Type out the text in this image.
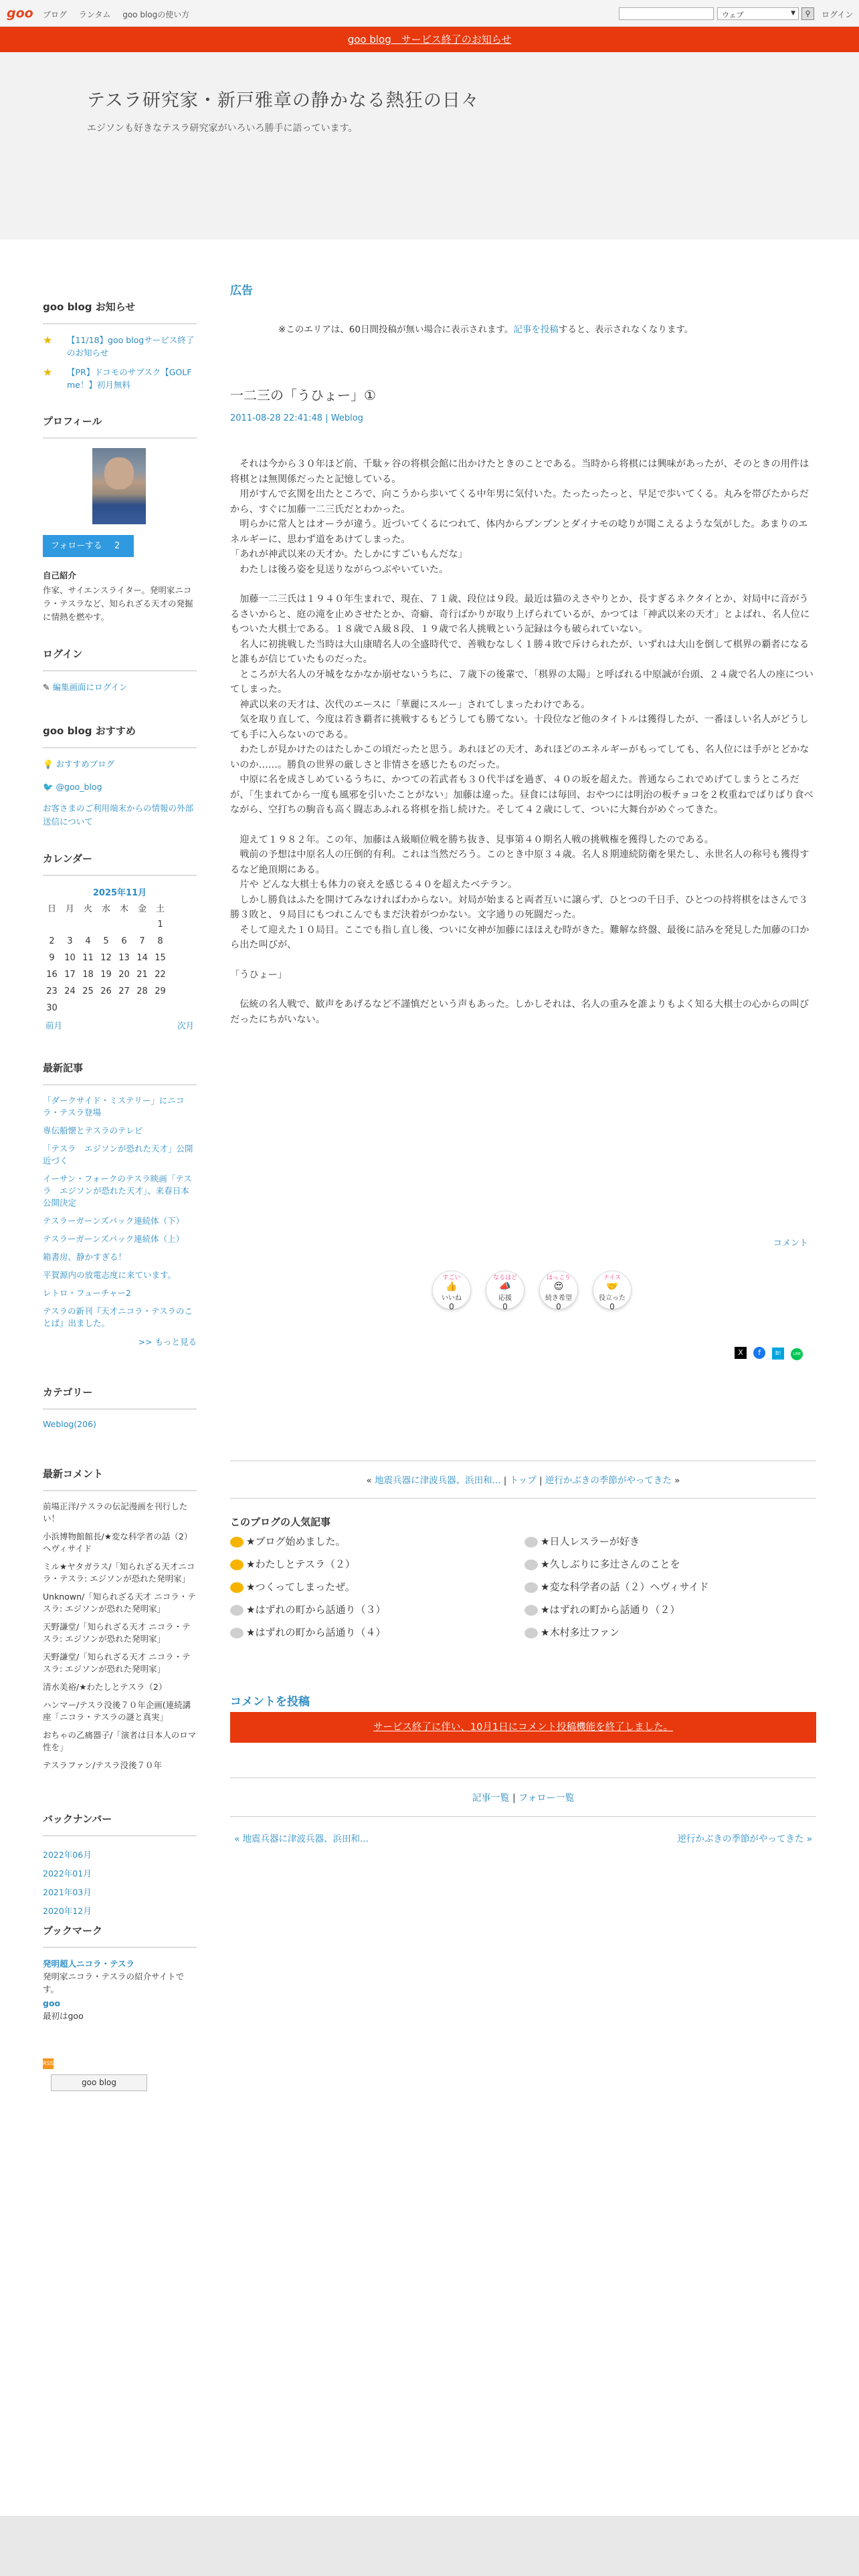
goo ブログ ランタム goo blogの使い方	ウェブ	▼	⚲	ログイン
goo blog　サービス終了のお知らせ
テスラ研究家・新戸雅章の静かなる熱狂の日々
エジソンも好きなテスラ研究家がいろいろ勝手に語っています。
goo blog お知らせ
★ 【11/18】goo blogサービス終了のお知らせ
★ 【PR】ドコモのサブスク【GOLF me！】初月無料
プロフィール
フォローする 2
自己紹介
作家、サイエンスライター。発明家ニコラ・テスラなど、知られざる天才の発掘に情熱を燃やす。
ログイン
✎ 編集画面にログイン
goo blog おすすめ
💡 おすすめブログ
🐦 @goo_blog
お客さまのご利用端末からの情報の外部送信について
カレンダー
2025年11月
日	月	火	水	木	金	土
						1
2	3	4	5	6	7	8
9	10	11	12	13	14	15
16	17	18	19	20	21	22
23	24	25	26	27	28	29
30						
前月	次月
最新記事
「ダークサイド・ミステリー」にニコラ・テスラ登場
専伝船懐とテスラのテレビ
「テスラ　エジソンが恐れた天才」公開近づく
イーサン・フォークのテスラ映画「テスラ　エジソンが恐れた天才」、来春日本公開決定
テスラーガーンズバック連続体（下）
テスラーガーンズバック連続体（上）
箱書房、静かすぎる！
平賀源内の放電志度に来ています。
レトロ・フューチャー2
テスラの新刊『天才ニコラ・テスラのことば』出ました。
>> もっと見る
カテゴリー
Weblog(206)
最新コメント
前場正洋/テスラの伝記漫画を刊行したい！
小浜博物館館長/★変な科学者の話（2）ヘヴィサイド
ミル★ヤタガラス/「知られざる天才ニコラ・テスラ: エジソンが恐れた発明家」
Unknown/「知られざる天才 ニコラ・テスラ: エジソンが恐れた発明家」
天野謙堂/「知られざる天才 ニコラ・テスラ: エジソンが恐れた発明家」
天野謙堂/「知られざる天才 ニコラ・テスラ: エジソンが恐れた発明家」
清水美裕/★わたしとテスラ（2）
ハンマー/テスラ没後７０年企画(連続講座「ニコラ・テスラの謎と真実」
おちゃの乙痛器子/「演者は日本人のロマ性を」
テスラファン/テスラ没後７０年
バックナンバー
2022年06月
2022年01月
2021年03月
2020年12月
ブックマーク
発明超人ニコラ・テスラ
発明家ニコラ・テスラの紹介サイトです。
goo
最初はgoo
RSS
goo blog
広告
※このエリアは、60日間投稿が無い場合に表示されます。記事を投稿すると、表示されなくなります。
一二三の「うひょー」①
2011-08-28 22:41:48 | Weblog
　それは今から３０年ほど前、千駄ヶ谷の将棋会館に出かけたときのことである。当時から将棋には興味があったが、そのときの用件は将棋とは無関係だったと記憶している。
　用がすんで玄関を出たところで、向こうから歩いてくる中年男に気付いた。たったったっと、早足で歩いてくる。丸みを帯びたからだから、すぐに加藤一二三氏だとわかった。
　明らかに常人とはオーラが違う。近づいてくるにつれて、体内からブンブンとダイナモの唸りが聞こえるような気がした。あまりのエネルギーに、思わず道をあけてしまった。
「あれが神武以来の天才か。たしかにすごいもんだな」
　わたしは後ろ姿を見送りながらつぶやいていた。
　加藤一二三氏は１９４０年生まれで、現在、７１歳、段位は９段。最近は猫のえさやりとか、長すぎるネクタイとか、対局中に音がうるさいからと、庭の滝を止めさせたとか、奇癖、奇行ばかりが取り上げられているが、かつては「神武以来の天才」とよばれ、名人位にもついた大棋士である。１８歳でＡ級８段、１９歳で名人挑戦という記録は今も破られていない。
　名人に初挑戦した当時は大山康晴名人の全盛時代で、善戦むなしく１勝４敗で斥けられたが、いずれは大山を倒して棋界の覇者になると誰もが信じていたものだった。
　ところが大名人の牙城をなかなか崩せないうちに、７歳下の後輩で、「棋界の太陽」と呼ばれる中原誠が台頭、２４歳で名人の座についてしまった。
　神武以来の天才は、次代のエースに「華麗にスルー」されてしまったわけである。
　気を取り直して、今度は若き覇者に挑戦するもどうしても勝てない。十段位など他のタイトルは獲得したが、一番ほしい名人がどうしても手に入らないのである。
　わたしが見かけたのはたしかこの頃だったと思う。あれほどの天才、あれほどのエネルギーがもってしても、名人位には手がとどかないのか……。勝負の世界の厳しさと非情さを感じたものだった。
　中原に名を成さしめているうちに、かつての若武者も３０代半ばを過ぎ、４０の坂を超えた。普通ならこれでめげてしまうところだが、「生まれてから一度も風邪を引いたことがない」加藤は違った。昼食には毎回、おやつには明治の板チョコを２枚重ねでばりばり食べながら、空打ちの駒音も高く闘志あふれる将棋を指し続けた。そして４２歳にして、ついに大舞台がめぐってきた。
　迎えて１９８２年。この年、加藤はＡ級順位戦を勝ち抜き、見事第４０期名人戦の挑戦権を獲得したのである。
　戦前の予想は中原名人の圧倒的有利。これは当然だろう。このとき中原３４歳。名人８期連続防衛を果たし、永世名人の称号も獲得するなど絶頂期にある。
　片や どんな大棋士も体力の衰えを感じる４０を超えたベテラン。
　しかし勝負はふたを開けてみなければわからない。対局が始まると両者互いに譲らず、ひとつの千日手、ひとつの持将棋をはさんで３勝３敗と、９局目にもつれこんでもまだ決着がつかない。文字通りの死闘だった。
　そして迎えた１０局目。ここでも指し直し後、ついに女神が加藤にほほえむ時がきた。難解な終盤、最後に詰みを発見した加藤の口から出た叫びが、
「うひょー」
　伝統の名人戦で、歓声をあげるなど不謹慎だという声もあった。しかしそれは、名人の重みを誰よりもよく知る大棋士の心からの叫びだったにちがいない。
コメント
すごい
👍
いいね
0
なるほど
📣
応援
0
ほっこり
😍
続き希望
0
ナイス
🤝
役立った
0
X f	B!	LINE
« 地震兵器に津波兵器、浜田和... | トップ | 逆行かぶきの季節がやってきた »
このブログの人気記事
★ブログ始めました。
★わたしとテスラ（２）
★つくってしまったぜ。
★はずれの町から話通り（３）
★はずれの町から話通り（４）
★日人レスラーが好き
★久しぶりに多辻さんのことを
★変な科学者の話（２）ヘヴィサイド
★はずれの町から話通り（２）
★木村多辻ファン
コメントを投稿
サービス終了に伴い、10月1日にコメント投稿機能を終了しました。
記事一覧 | フォロー一覧
« 地震兵器に津波兵器、浜田和...	逆行かぶきの季節がやってきた »
